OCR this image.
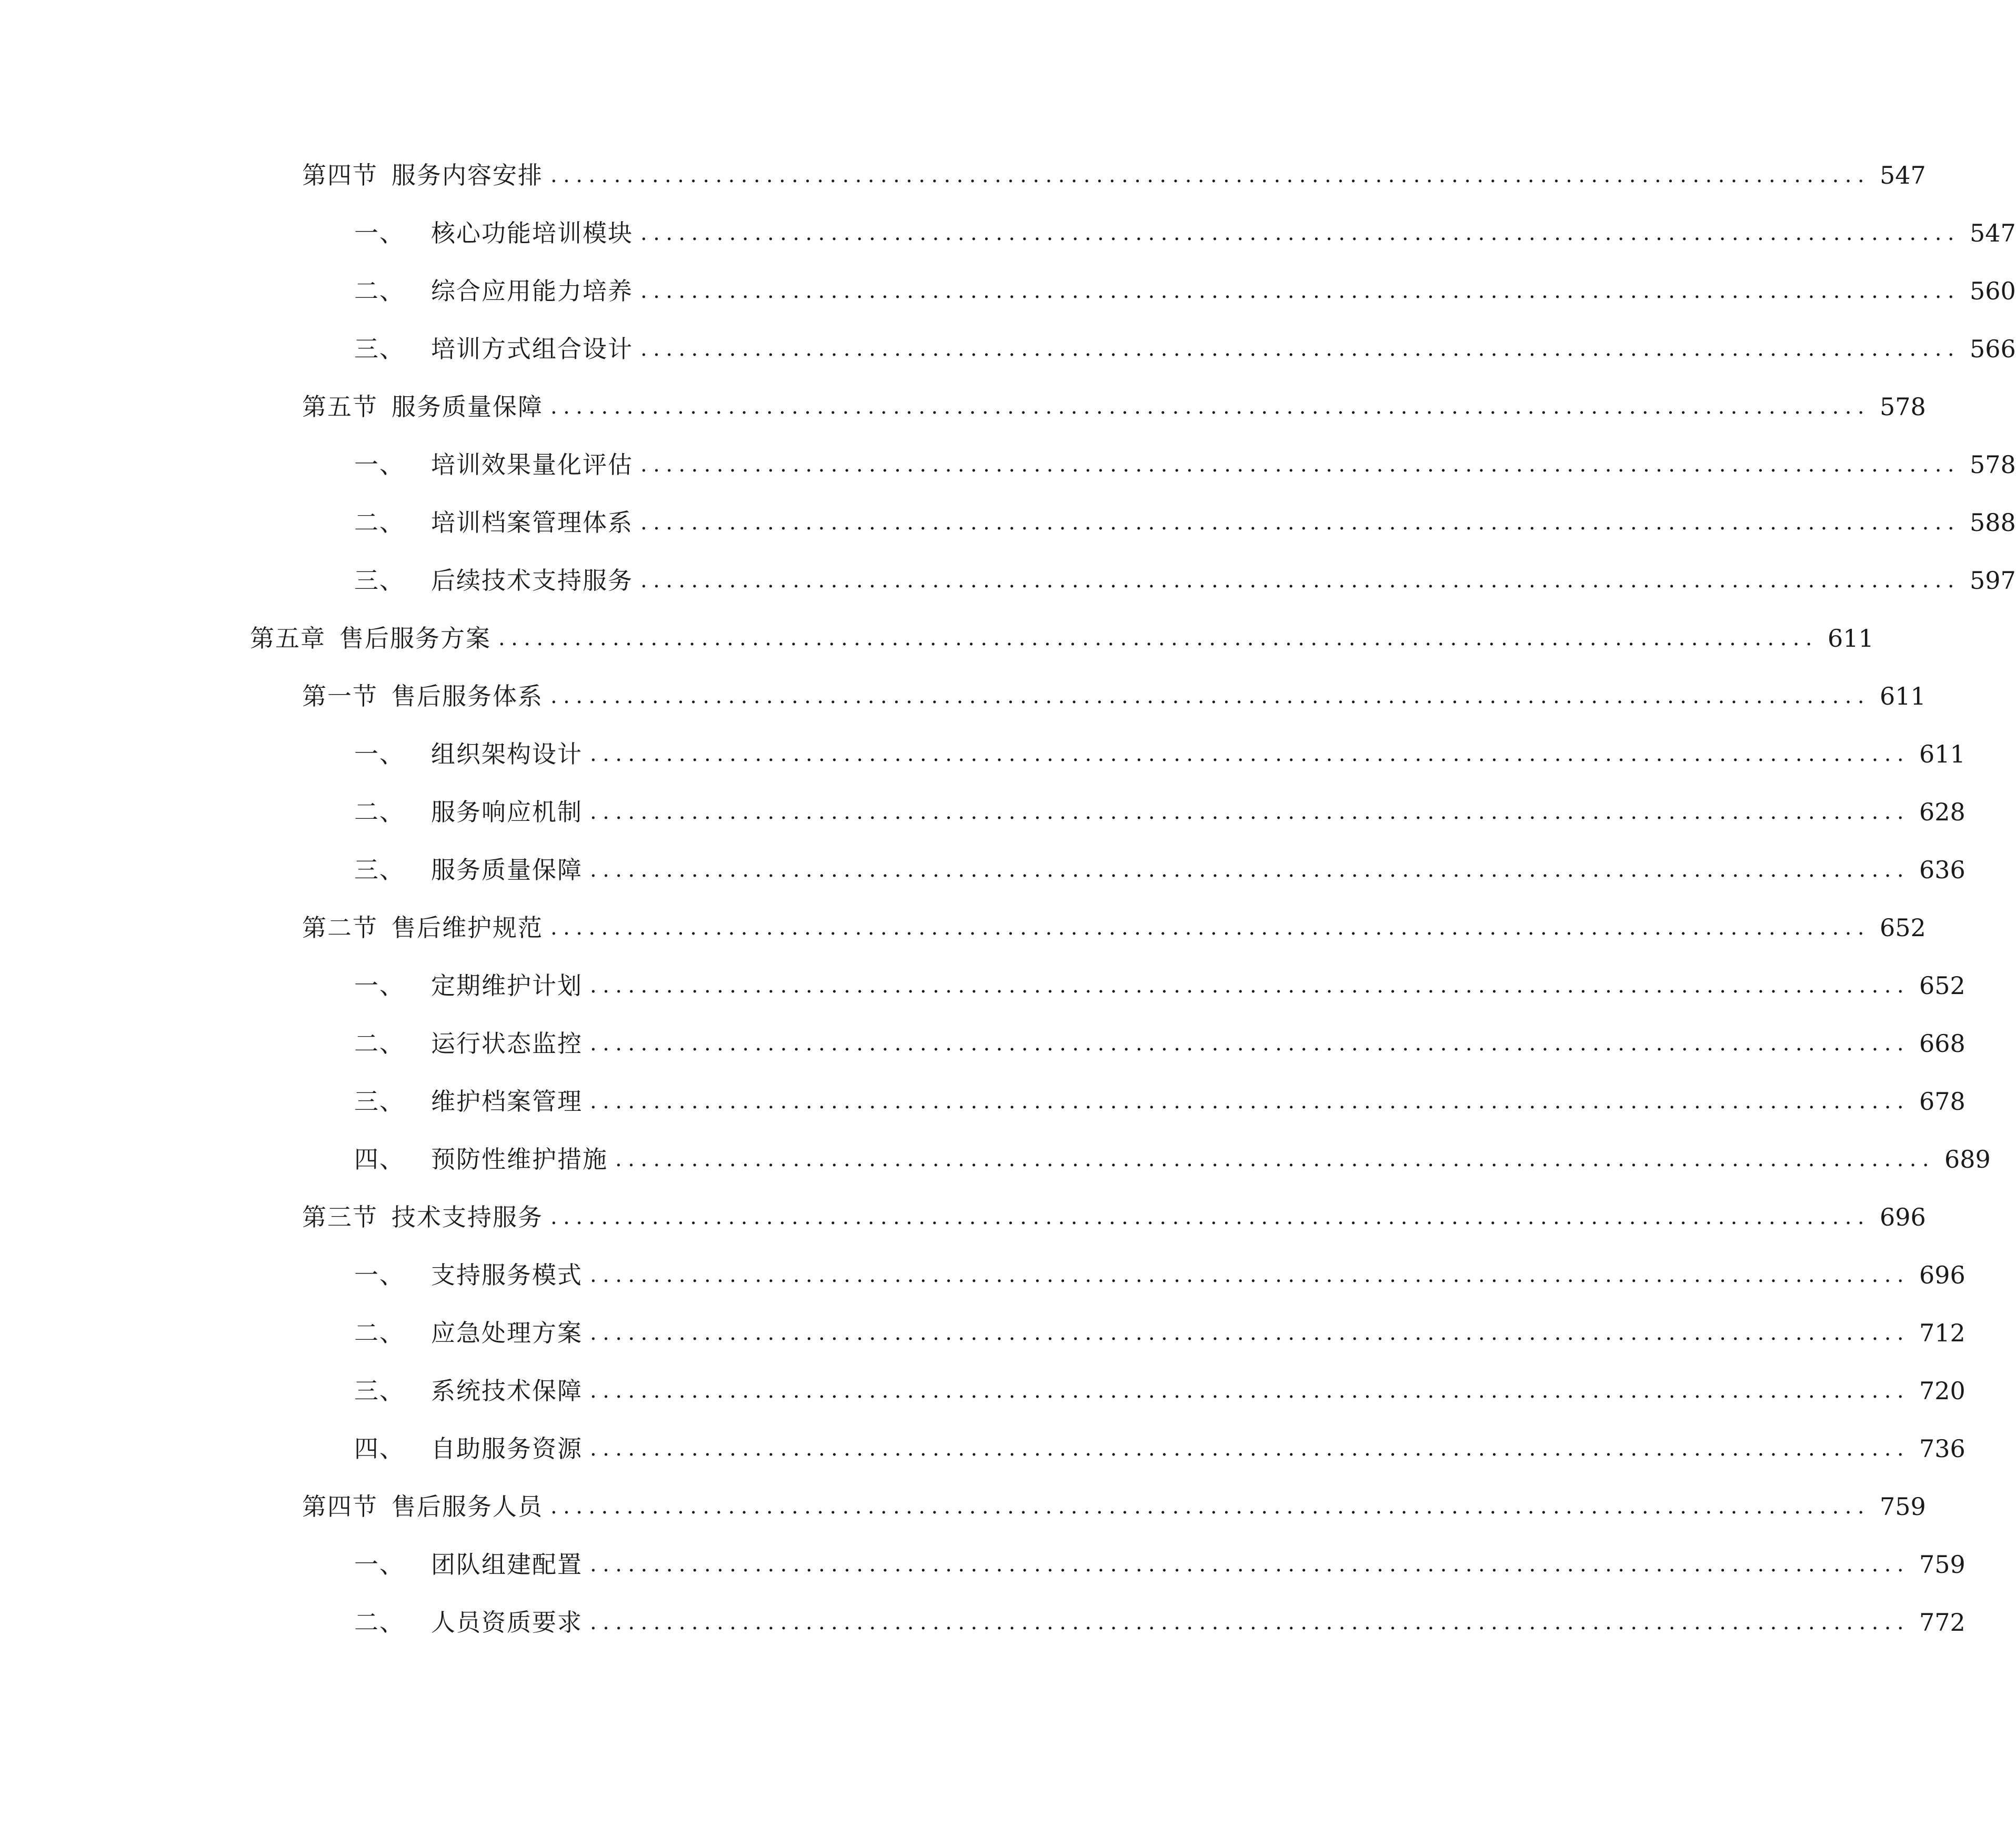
第四节 服务内容安排 ........................................................................................................ 547
一、 核心功能培训模块 ........................................................................................................ 547
二、 综合应用能力培养 ........................................................................................................ 560
三、 培训方式组合设计 ........................................................................................................ 566
第五节 服务质量保障 ........................................................................................................ 578
一、 培训效果量化评估 ........................................................................................................ 578
二、 培训档案管理体系 ........................................................................................................ 588
三、 后续技术支持服务 ........................................................................................................ 597
第五章 售后服务方案 ........................................................................................................ 611
第一节 售后服务体系 ........................................................................................................ 611
一、 组织架构设计 ........................................................................................................ 611
二、 服务响应机制 ........................................................................................................ 628
三、 服务质量保障 ........................................................................................................ 636
第二节 售后维护规范 ........................................................................................................ 652
一、 定期维护计划 ........................................................................................................ 652
二、 运行状态监控 ........................................................................................................ 668
三、 维护档案管理 ........................................................................................................ 678
四、 预防性维护措施 ........................................................................................................ 689
第三节 技术支持服务 ........................................................................................................ 696
一、 支持服务模式 ........................................................................................................ 696
二、 应急处理方案 ........................................................................................................ 712
三、 系统技术保障 ........................................................................................................ 720
四、 自助服务资源 ........................................................................................................ 736
第四节 售后服务人员 ........................................................................................................ 759
一、 团队组建配置 ........................................................................................................ 759
二、 人员资质要求 ........................................................................................................ 772
